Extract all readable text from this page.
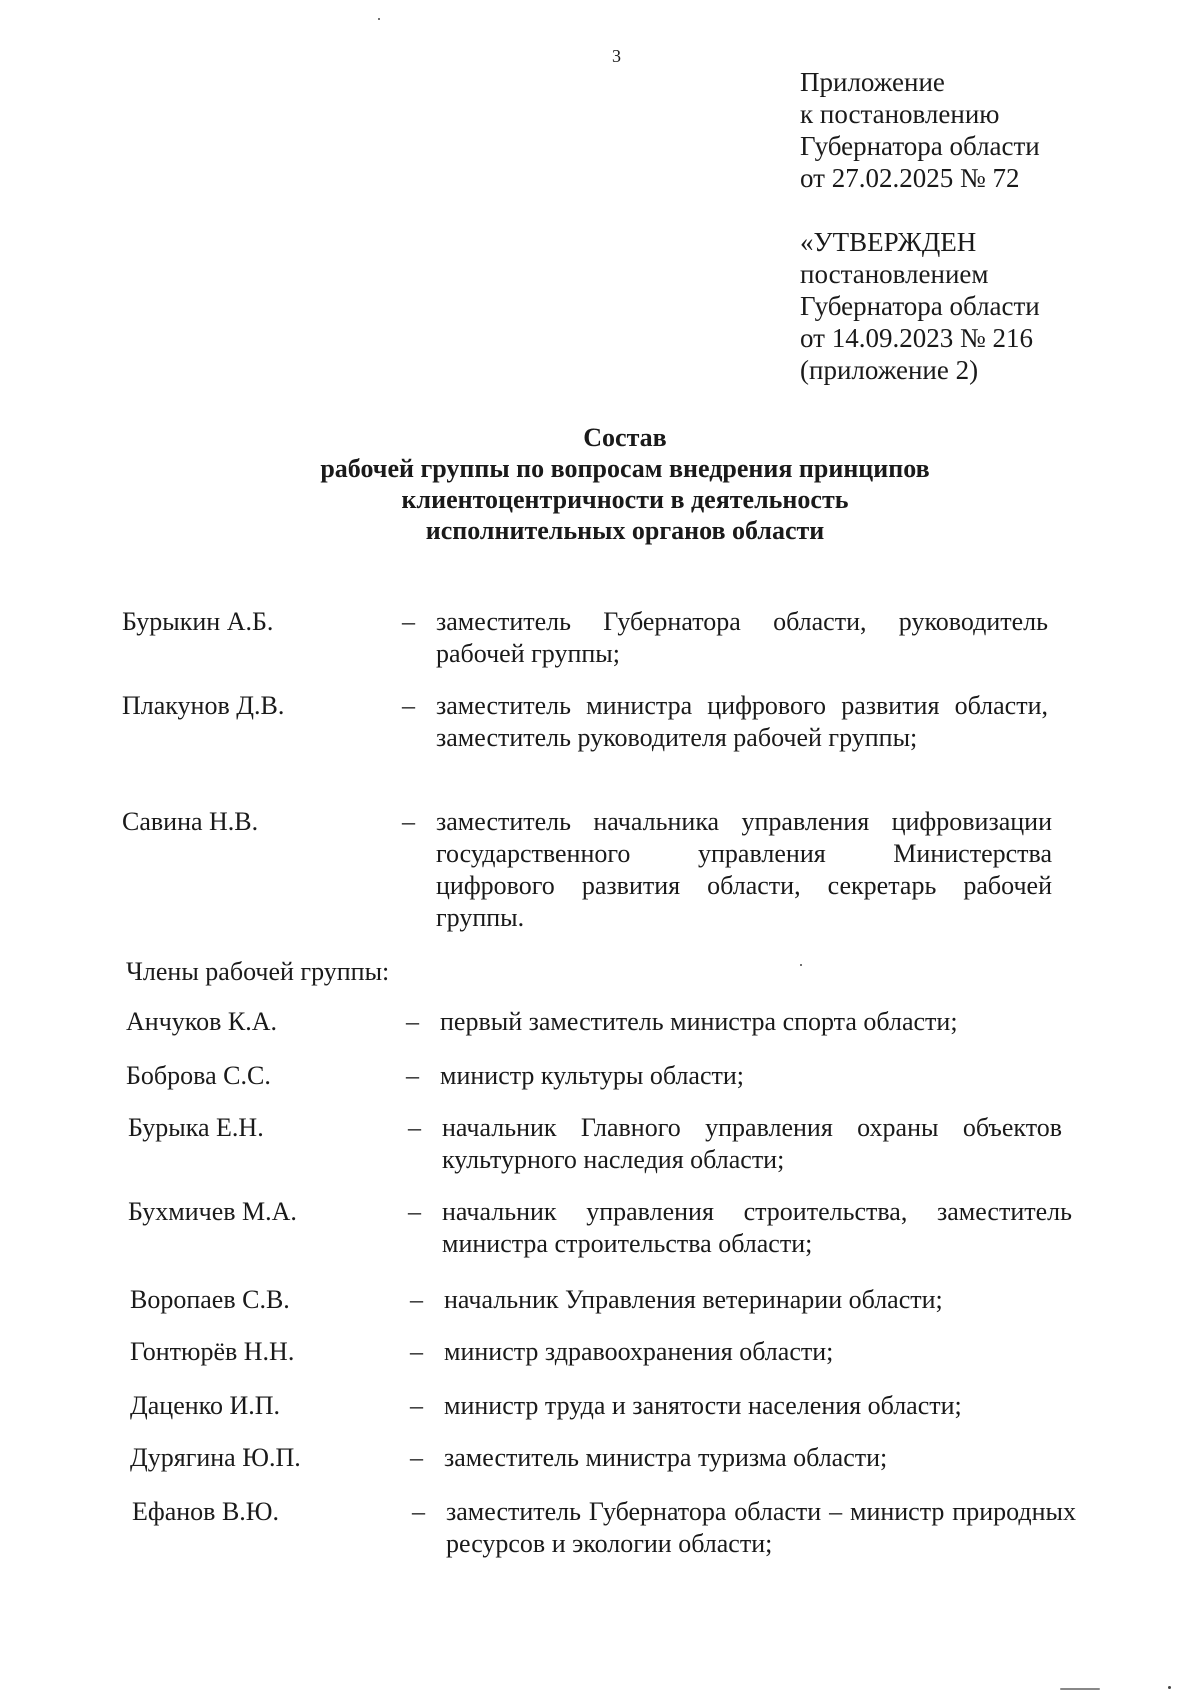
3
Приложение
к постановлению
Губернатора области
от 27.02.2025 № 72
«УТВЕРЖДЕН
постановлением
Губернатора области
от 14.09.2023 № 216
(приложение 2)
Состав
рабочей группы по вопросам внедрения принципов
клиентоцентричности в деятельность
исполнительных органов области
Бурыкин А.Б.	– заместитель Губернатора области, руководитель рабочей группы;
Плакунов Д.В.	– заместитель министра цифрового развития области, заместитель руководителя рабочей группы;
Савина Н.В.	– заместитель начальника управления цифровизации государственного управления Министерства цифрового развития области, секретарь рабочей группы.
Члены рабочей группы:
Анчуков К.А.	– первый заместитель министра спорта области;
Боброва С.С.	– министр культуры области;
Бурыка Е.Н.	– начальник Главного управления охраны объектов культурного наследия области;
Бухмичев М.А.	– начальник управления строительства, заместитель министра строительства области;
Воропаев С.В.	– начальник Управления ветеринарии области;
Гонтюрёв Н.Н.	– министр здравоохранения области;
Даценко И.П.	– министр труда и занятости населения области;
Дурягина Ю.П.	– заместитель министра туризма области;
Ефанов В.Ю.	– заместитель Губернатора области – министр природных ресурсов и экологии области;
